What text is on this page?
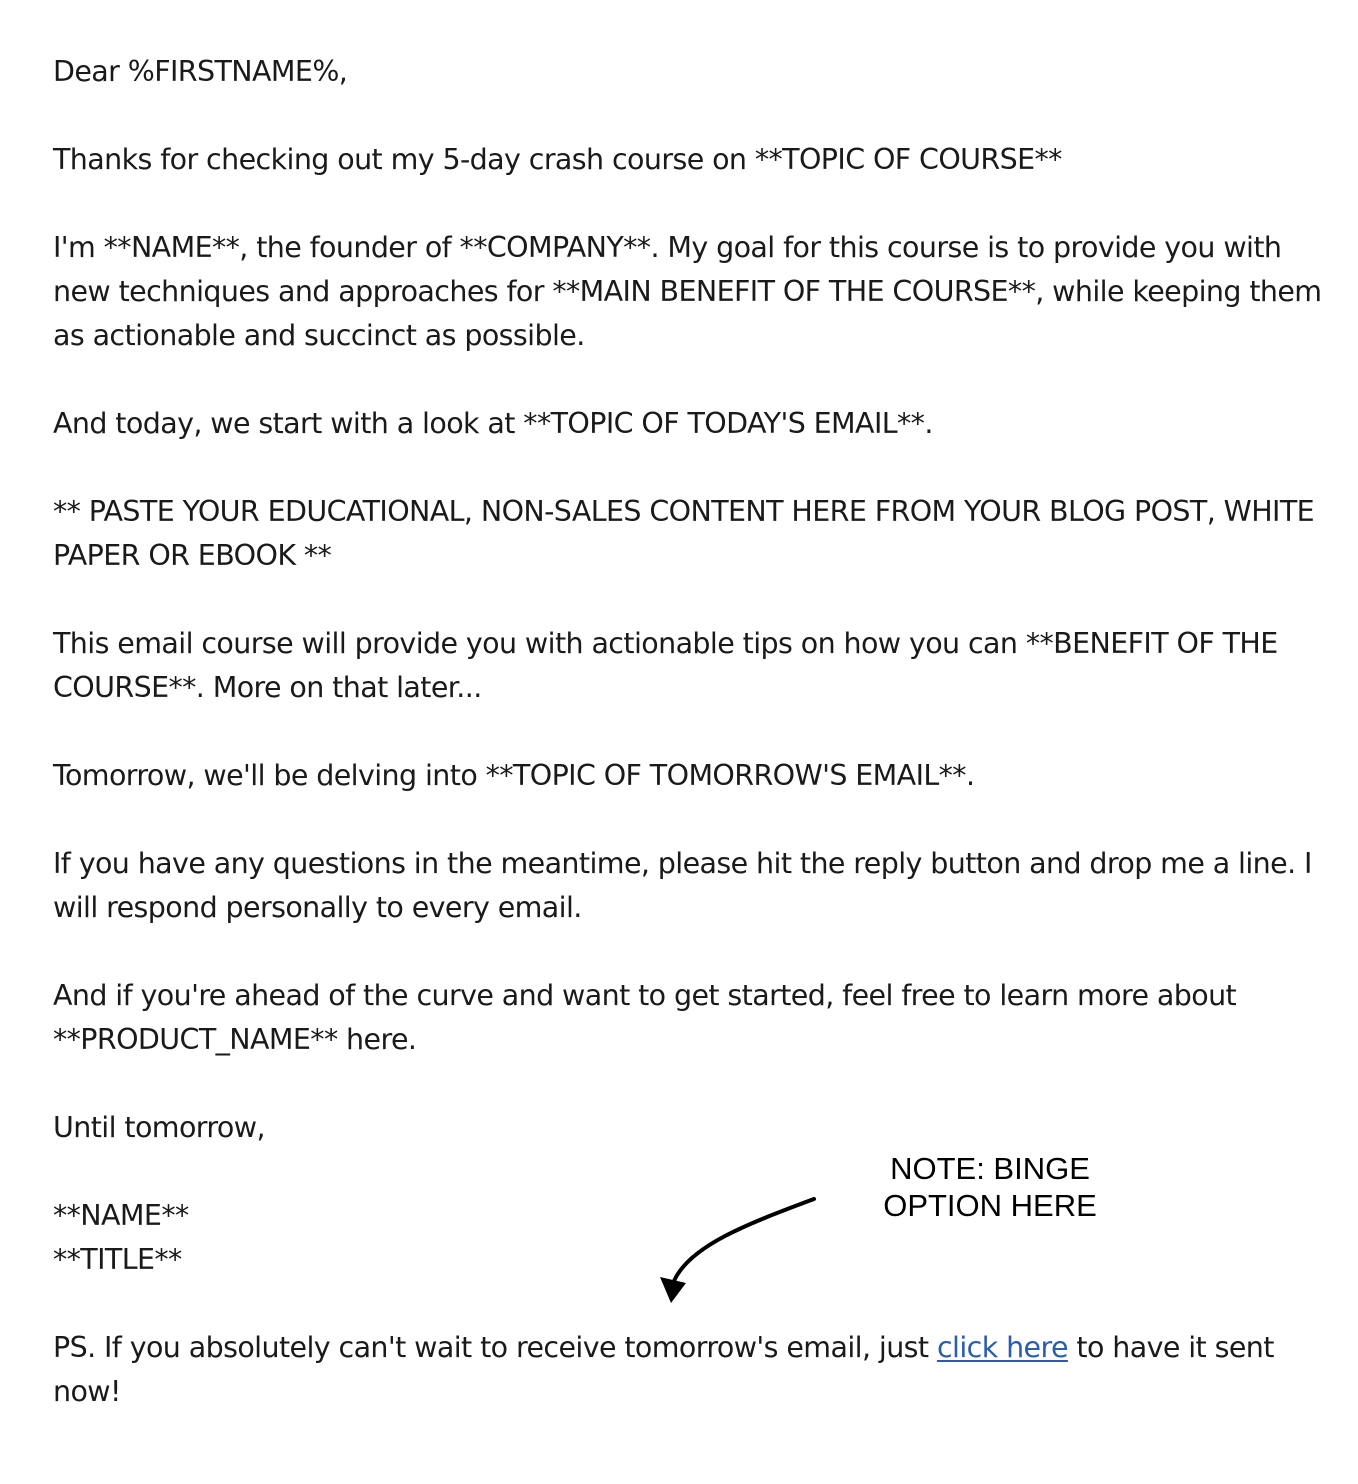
Dear %FIRSTNAME%,

Thanks for checking out my 5-day crash course on **TOPIC OF COURSE**

I'm **NAME**, the founder of **COMPANY**. My goal for this course is to provide you with new techniques and approaches for **MAIN BENEFIT OF THE COURSE**, while keeping them as actionable and succinct as possible.

And today, we start with a look at **TOPIC OF TODAY'S EMAIL**.

** PASTE YOUR EDUCATIONAL, NON-SALES CONTENT HERE FROM YOUR BLOG POST, WHITE PAPER OR EBOOK **

This email course will provide you with actionable tips on how you can **BENEFIT OF THE COURSE**. More on that later...

Tomorrow, we'll be delving into **TOPIC OF TOMORROW'S EMAIL**.

If you have any questions in the meantime, please hit the reply button and drop me a line. I will respond personally to every email.

And if you're ahead of the curve and want to get started, feel free to learn more about **PRODUCT_NAME** here.

Until tomorrow,

**NAME**
**TITLE**

PS. If you absolutely can't wait to receive tomorrow's email, just click here to have it sent now!

NOTE: BINGE
OPTION HERE
